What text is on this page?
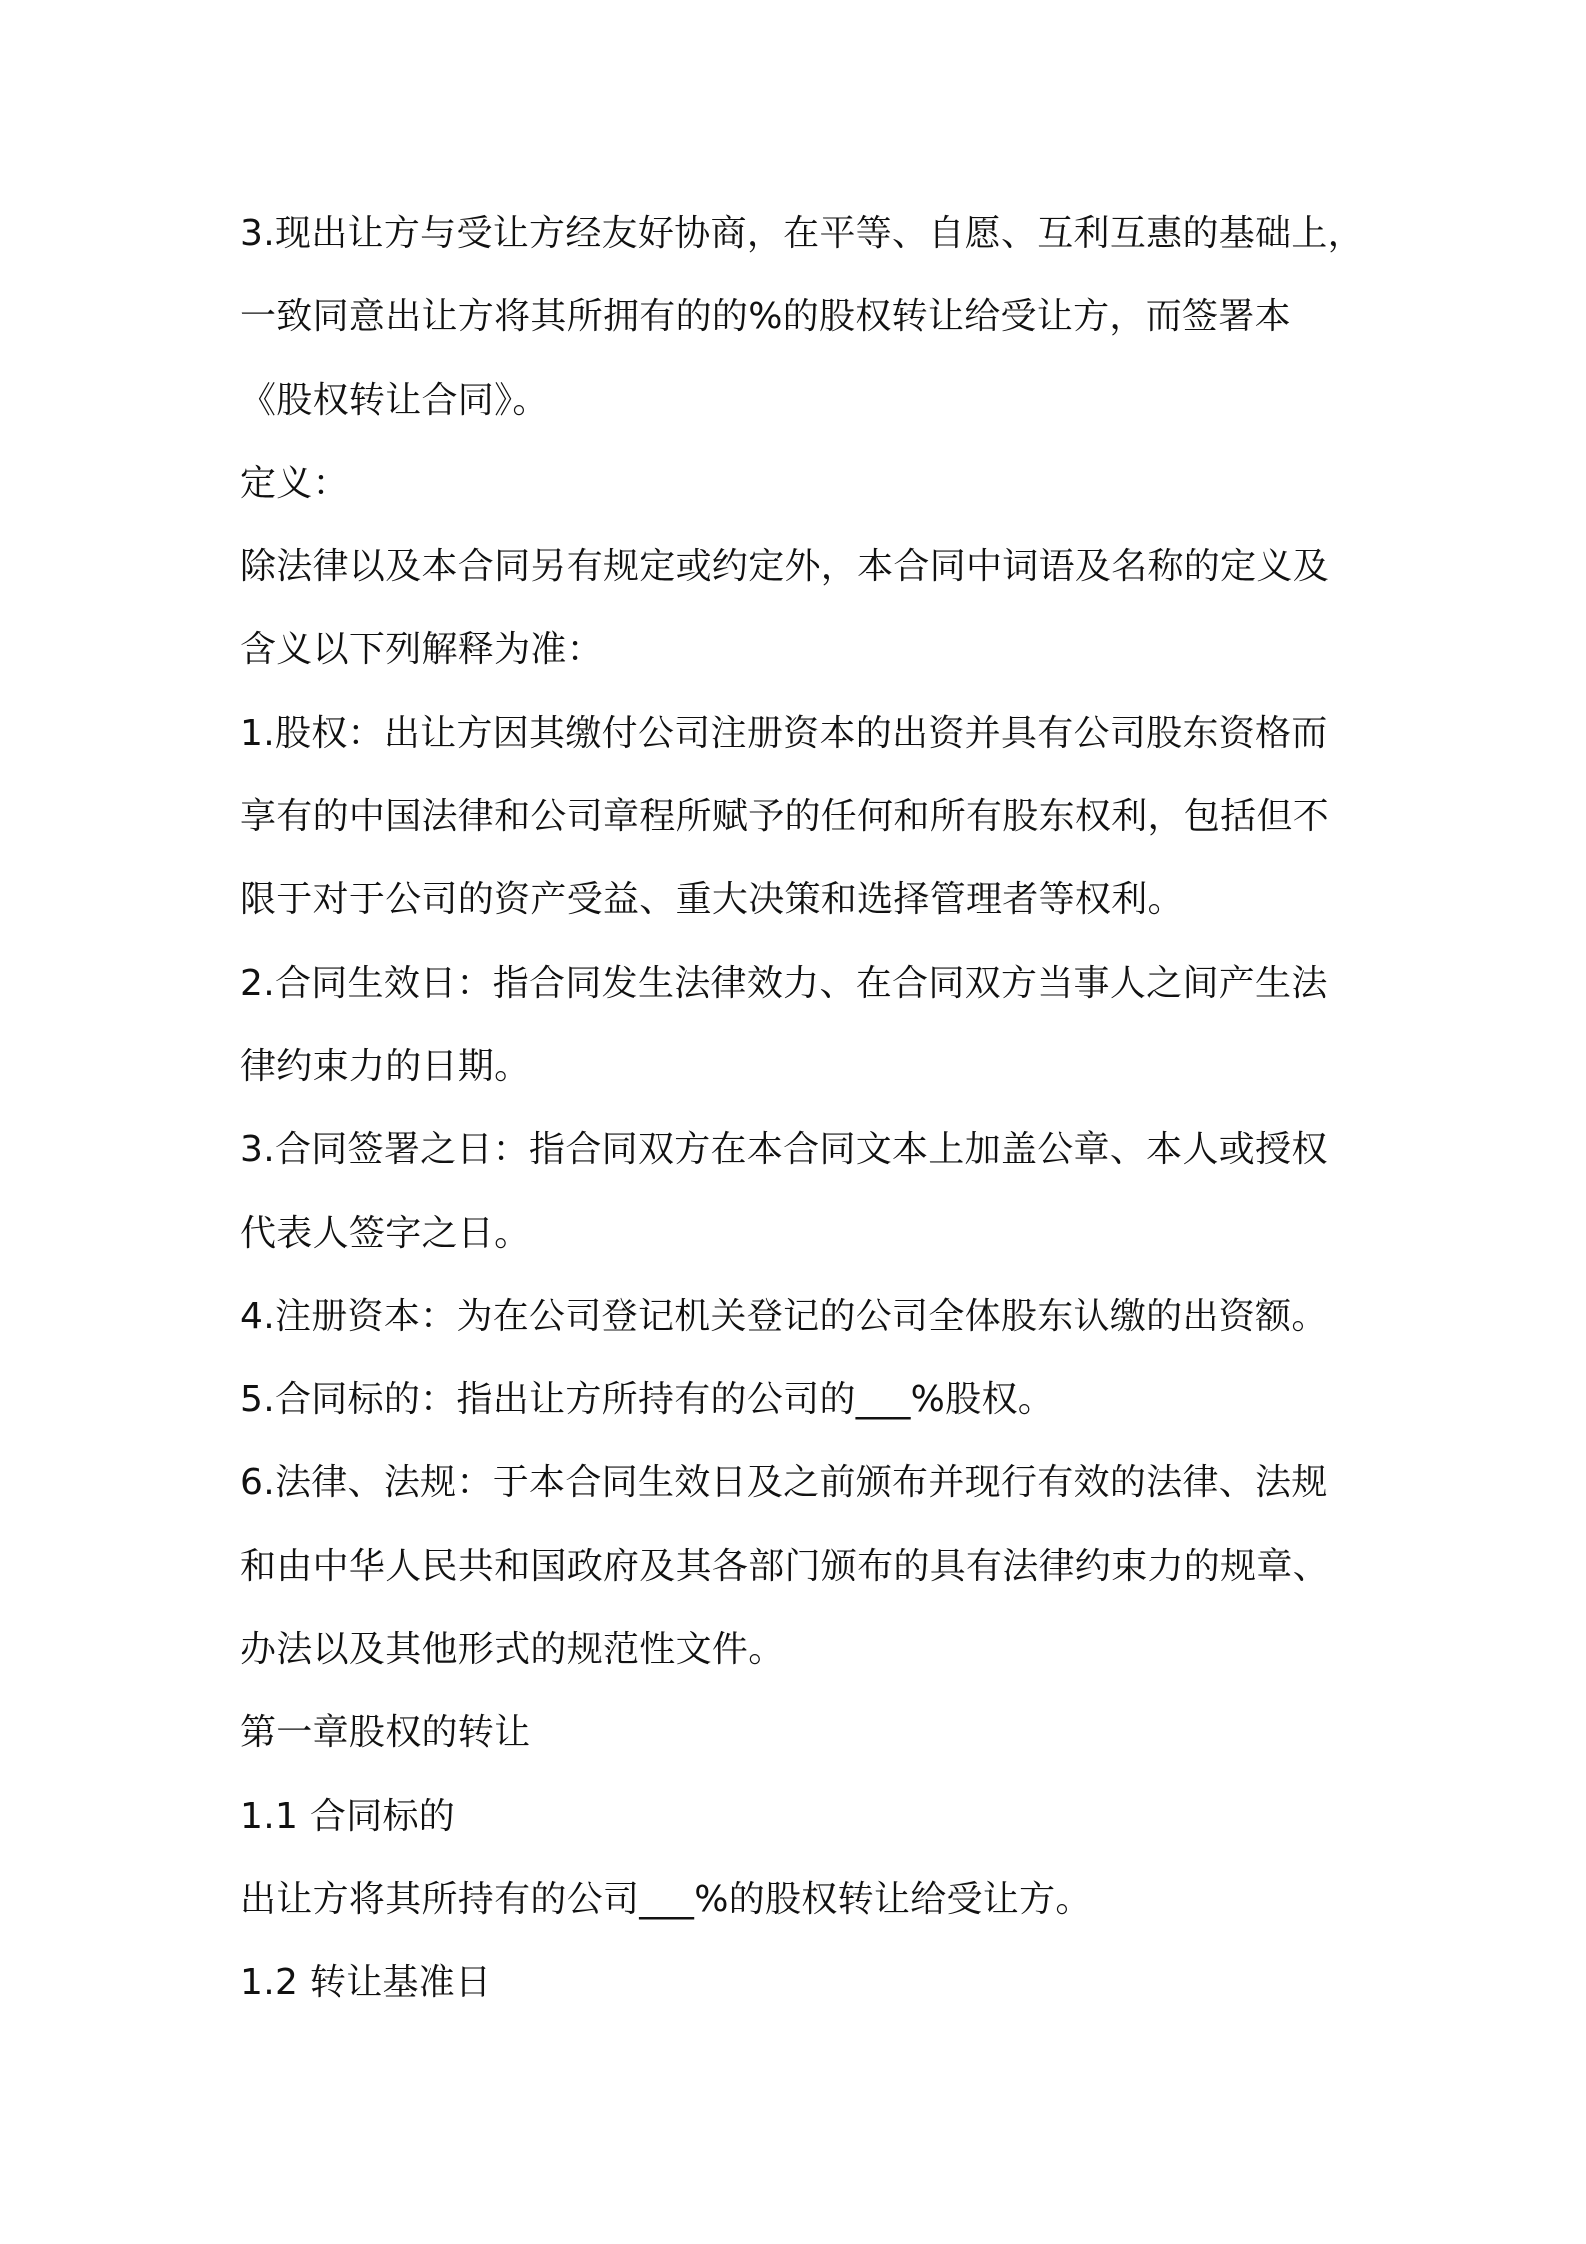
3.现出让方与受让方经友好协商，在平等、自愿、互利互惠的基础上，
一致同意出让方将其所拥有的的%的股权转让给受让方，而签署本
《股权转让合同》。
定义：
除法律以及本合同另有规定或约定外，本合同中词语及名称的定义及
含义以下列解释为准：
1.股权：出让方因其缴付公司注册资本的出资并具有公司股东资格而
享有的中国法律和公司章程所赋予的任何和所有股东权利，包括但不
限于对于公司的资产受益、重大决策和选择管理者等权利。
2.合同生效日：指合同发生法律效力、在合同双方当事人之间产生法
律约束力的日期。
3.合同签署之日：指合同双方在本合同文本上加盖公章、本人或授权
代表人签字之日。
4.注册资本：为在公司登记机关登记的公司全体股东认缴的出资额。
5.合同标的：指出让方所持有的公司的___%股权。
6.法律、法规：于本合同生效日及之前颁布并现行有效的法律、法规
和由中华人民共和国政府及其各部门颁布的具有法律约束力的规章、
办法以及其他形式的规范性文件。
第一章股权的转让
1.1 合同标的
出让方将其所持有的公司___%的股权转让给受让方。
1.2 转让基准日
